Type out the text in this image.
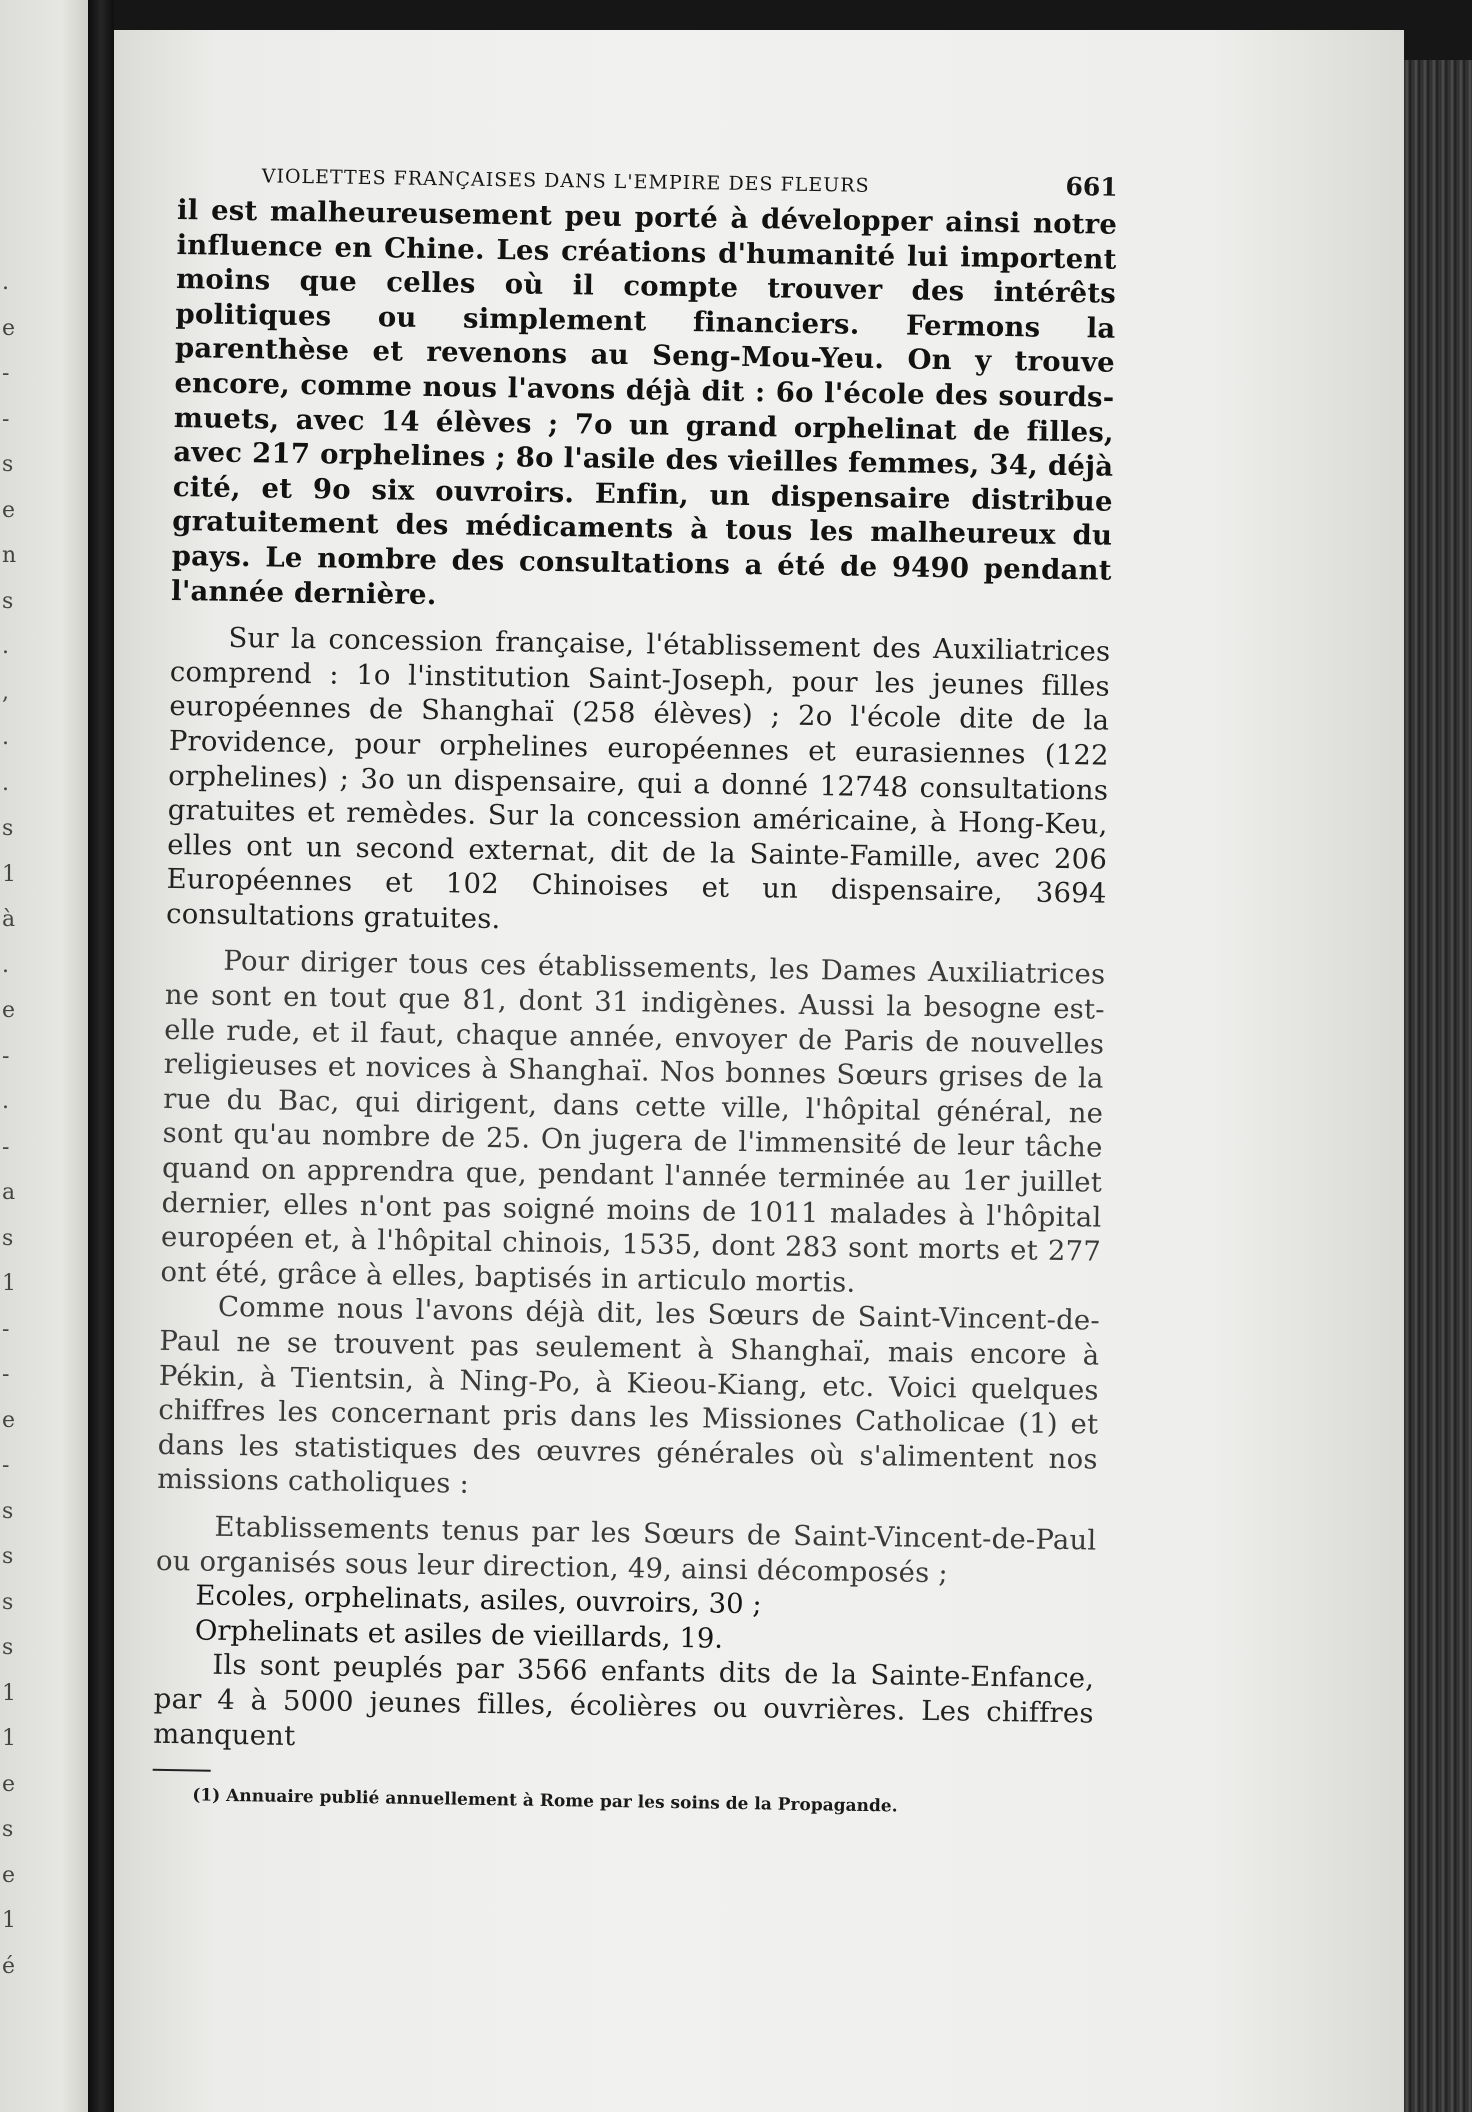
.
e
-
-
s
e
n
s
.
,
.
.
s
1
à
.
e
-
.
-
a
s
1
-
-
e
-
s
s
s
s
1
1
e
s
e
1
é
VIOLETTES FRANÇAISES DANS L'EMPIRE DES FLEURS	661

il est malheureusement peu porté à développer ainsi notre influence en Chine. Les créations d'humanité lui importent moins que celles où il compte trouver des intérêts politiques ou simplement financiers. Fermons la parenthèse et revenons au Seng-Mou-Yeu. On y trouve encore, comme nous l'avons déjà dit : 6o l'école des sourds-muets, avec 14 élèves ; 7o un grand orphelinat de filles, avec 217 orphelines ; 8o l'asile des vieilles femmes, 34, déjà cité, et 9o six ouvroirs. Enfin, un dispensaire distribue gratuitement des médicaments à tous les malheureux du pays. Le nombre des consultations a été de 9490 pendant l'année dernière.

Sur la concession française, l'établissement des Auxiliatrices comprend : 1o l'institution Saint-Joseph, pour les jeunes filles européennes de Shanghaï (258 élèves) ; 2o l'école dite de la Providence, pour orphelines européennes et eurasiennes (122 orphelines) ; 3o un dispensaire, qui a donné 12748 consultations gratuites et remèdes. Sur la concession américaine, à Hong-Keu, elles ont un second externat, dit de la Sainte-Famille, avec 206 Européennes et 102 Chinoises et un dispensaire, 3694 consultations gratuites.

Pour diriger tous ces établissements, les Dames Auxiliatrices ne sont en tout que 81, dont 31 indigènes. Aussi la besogne est-elle rude, et il faut, chaque année, envoyer de Paris de nouvelles religieuses et novices à Shanghaï. Nos bonnes Sœurs grises de la rue du Bac, qui dirigent, dans cette ville, l'hôpital général, ne sont qu'au nombre de 25. On jugera de l'immensité de leur tâche quand on apprendra que, pendant l'année terminée au 1er juillet dernier, elles n'ont pas soigné moins de 1011 malades à l'hôpital européen et, à l'hôpital chinois, 1535, dont 283 sont morts et 277 ont été, grâce à elles, baptisés in articulo mortis.

Comme nous l'avons déjà dit, les Sœurs de Saint-Vincent-de-Paul ne se trouvent pas seulement à Shanghaï, mais encore à Pékin, à Tientsin, à Ning-Po, à Kieou-Kiang, etc. Voici quelques chiffres les concernant pris dans les Missiones Catholicae (1) et dans les statistiques des œuvres générales où s'alimentent nos missions catholiques :

Etablissements tenus par les Sœurs de Saint-Vincent-de-Paul ou organisés sous leur direction, 49, ainsi décomposés ;

Ecoles, orphelinats, asiles, ouvroirs, 30 ;

Orphelinats et asiles de vieillards, 19.

Ils sont peuplés par 3566 enfants dits de la Sainte-Enfance, par 4 à 5000 jeunes filles, écolières ou ouvrières. Les chiffres manquent

(1) Annuaire publié annuellement à Rome par les soins de la Propagande.
